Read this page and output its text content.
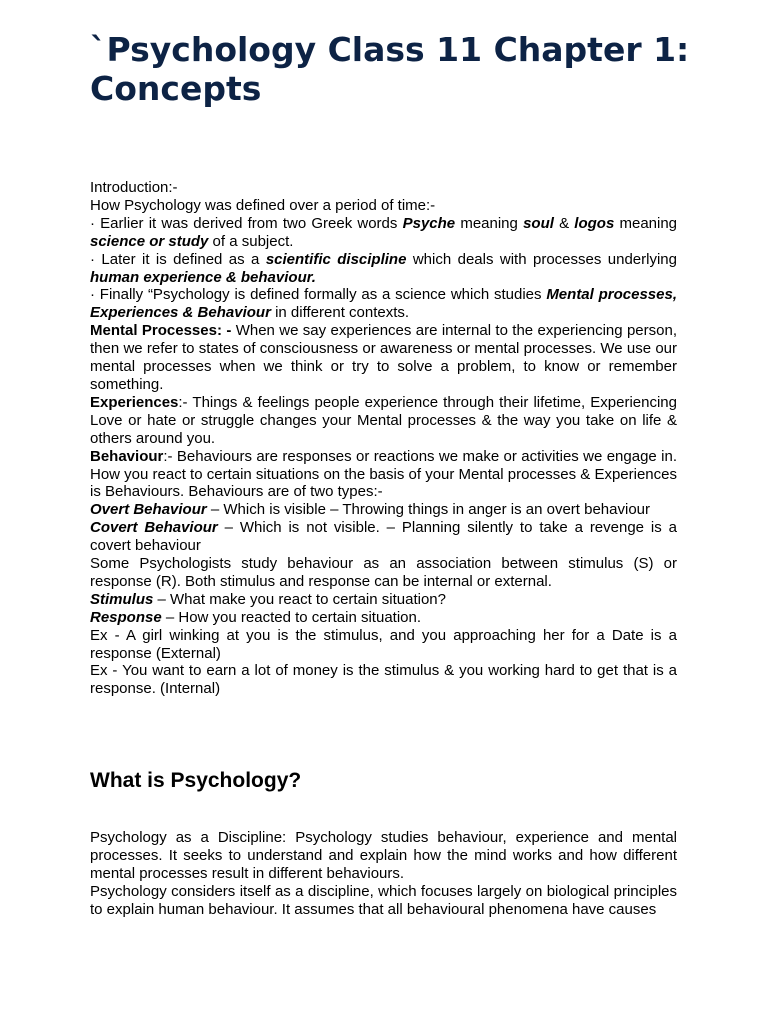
`Psychology Class 11 Chapter 1: Concepts

Introduction:-

How Psychology was defined over a period of time:-

· Earlier it was derived from two Greek words Psyche meaning soul & logos meaning science or study of a subject.

· Later it is defined as a scientific discipline which deals with processes underlying human experience & behaviour.

· Finally “Psychology is defined formally as a science which studies Mental processes, Experiences & Behaviour in different contexts.

Mental Processes: - When we say experiences are internal to the experiencing person, then we refer to states of consciousness or awareness or mental processes. We use our mental processes when we think or try to solve a problem, to know or remember something.

Experiences:- Things & feelings people experience through their lifetime, Experiencing Love or hate or struggle changes your Mental processes & the way you take on life & others around you.

Behaviour:- Behaviours are responses or reactions we make or activities we engage in. How you react to certain situations on the basis of your Mental processes & Experiences is Behaviours. Behaviours are of two types:-

Overt Behaviour – Which is visible – Throwing things in anger is an overt behaviour

Covert Behaviour – Which is not visible. – Planning silently to take a revenge is a covert behaviour

Some Psychologists study behaviour as an association between stimulus (S) or response (R). Both stimulus and response can be internal or external.

Stimulus – What make you react to certain situation?

Response – How you reacted to certain situation.

Ex - A girl winking at you is the stimulus, and you approaching her for a Date is a response (External)

Ex - You want to earn a lot of money is the stimulus & you working hard to get that is a response. (Internal)

What is Psychology?

Psychology as a Discipline: Psychology studies behaviour, experience and mental processes. It seeks to understand and explain how the mind works and how different mental processes result in different behaviours.

Psychology considers itself as a discipline, which focuses largely on biological principles to explain human behaviour. It assumes that all behavioural phenomena have causes
